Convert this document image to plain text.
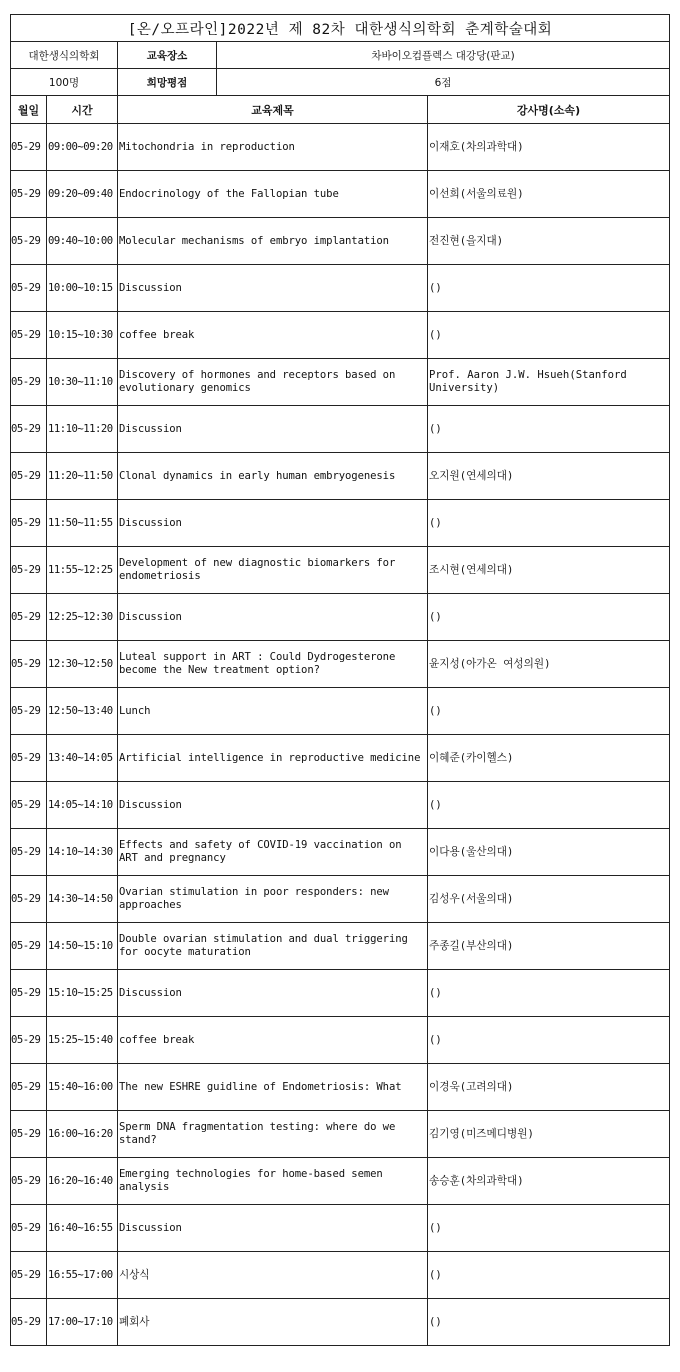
[온/오프라인]2022년 제 82차 대한생식의학회 춘계학술대회				
대한생식의학회		교육장소	차바이오컴플렉스 대강당(판교)	
100명		희망평점	6점	
월일	시간	교육제목		강사명(소속)
05-29	09:00~09:20	Mitochondria in reproduction		이재호(차의과학대)
05-29	09:20~09:40	Endocrinology of the Fallopian tube		이선희(서울의료원)
05-29	09:40~10:00	Molecular mechanisms of embryo implantation		전진현(을지대)
05-29	10:00~10:15	Discussion		()
05-29	10:15~10:30	coffee break		()
05-29	10:30~11:10	Discovery of hormones and receptors based on evolutionary genomics		Prof. Aaron J.W. Hsueh(Stanford University)
05-29	11:10~11:20	Discussion		()
05-29	11:20~11:50	Clonal dynamics in early human embryogenesis		오지원(연세의대)
05-29	11:50~11:55	Discussion		()
05-29	11:55~12:25	Development of new diagnostic biomarkers for endometriosis		조시현(연세의대)
05-29	12:25~12:30	Discussion		()
05-29	12:30~12:50	Luteal support in ART : Could Dydrogesterone become the New treatment option?		윤지성(아가온 여성의원)
05-29	12:50~13:40	Lunch		()
05-29	13:40~14:05	Artificial intelligence in reproductive medicine		이혜준(카이헬스)
05-29	14:05~14:10	Discussion		()
05-29	14:10~14:30	Effects and safety of COVID-19 vaccination on ART and pregnancy		이다용(울산의대)
05-29	14:30~14:50	Ovarian stimulation in poor responders: new approaches		김성우(서울의대)
05-29	14:50~15:10	Double ovarian stimulation and dual triggering for oocyte maturation		주종길(부산의대)
05-29	15:10~15:25	Discussion		()
05-29	15:25~15:40	coffee break		()
05-29	15:40~16:00	The new ESHRE guidline of Endometriosis: What		이경욱(고려의대)
05-29	16:00~16:20	Sperm DNA fragmentation testing: where do we stand?		김기영(미즈메디병원)
05-29	16:20~16:40	Emerging technologies for home-based semen analysis		송승훈(차의과학대)
05-29	16:40~16:55	Discussion		()
05-29	16:55~17:00	시상식		()
05-29	17:00~17:10	폐회사		()
